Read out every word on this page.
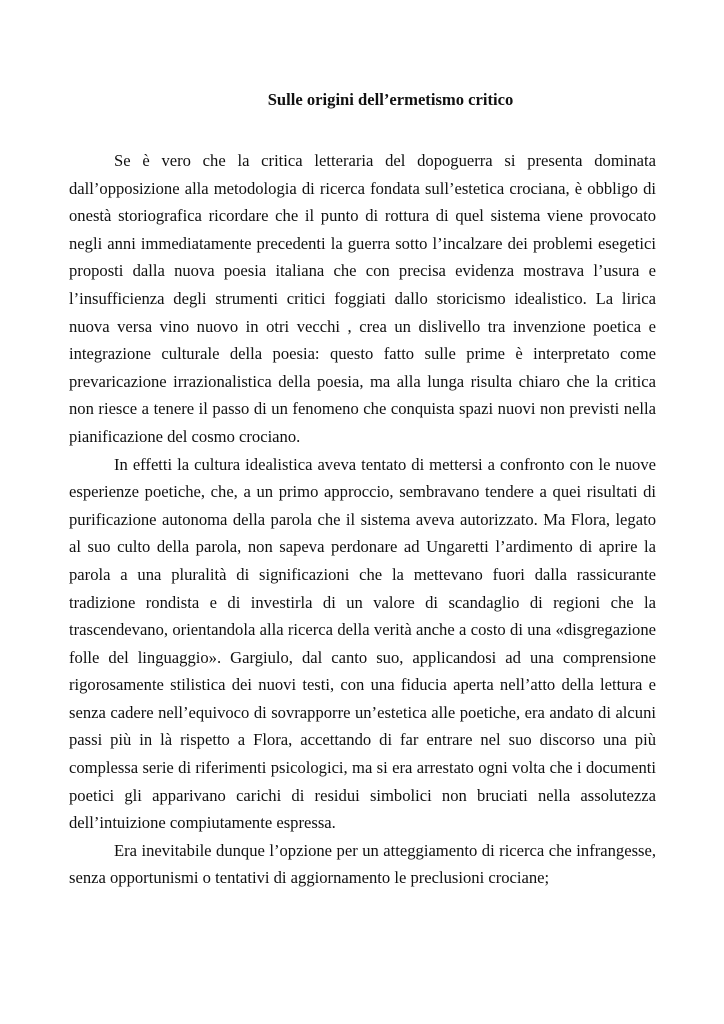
Sulle origini dell’ermetismo critico

Se è vero che la critica letteraria del dopoguerra si presenta dominata dall’opposizione alla metodologia di ricerca fondata sull’estetica crociana, è obbligo di onestà storiografica ricordare che il punto di rottura di quel sistema viene provocato negli anni immediatamente precedenti la guerra sotto l’incalzare dei problemi esegetici proposti dalla nuova poesia italiana che con precisa evidenza mostrava l’usura e l’insufficienza degli strumenti critici foggiati dallo storicismo idealistico. La lirica nuova versa vino nuovo in otri vecchi , crea un dislivello tra invenzione poetica e integrazione culturale della poesia: questo fatto sulle prime è interpretato come prevaricazione irrazionalistica della poesia, ma alla lunga risulta chiaro che la critica non riesce a tenere il passo di un fenomeno che conquista spazi nuovi non previsti nella pianificazione del cosmo crociano.

In effetti la cultura idealistica aveva tentato di mettersi a confronto con le nuove esperienze poetiche, che, a un primo approccio, sembravano tendere a quei risultati di purificazione autonoma della parola che il sistema aveva autorizzato. Ma Flora, legato al suo culto della parola, non sapeva perdonare ad Ungaretti l’ardimento di aprire la parola a una pluralità di significazioni che la mettevano fuori dalla rassicurante tradizione rondista e di investirla di un valore di scandaglio di regioni che la trascendevano, orientandola alla ricerca della verità anche a costo di una «disgregazione folle del linguaggio». Gargiulo, dal canto suo, applicandosi ad una comprensione rigorosamente stilistica dei nuovi testi, con una fiducia aperta nell’atto della lettura e senza cadere nell’equivoco di sovrapporre un’estetica alle poetiche, era andato di alcuni passi più in là rispetto a Flora, accettando di far entrare nel suo discorso una più complessa serie di riferimenti psicologici, ma si era arrestato ogni volta che i documenti poetici gli apparivano carichi di residui simbolici non bruciati nella assolutezza dell’intuizione compiutamente espressa.

Era inevitabile dunque l’opzione per un atteggiamento di ricerca che infrangesse, senza opportunismi o tentativi di aggiornamento le preclusioni crociane;
